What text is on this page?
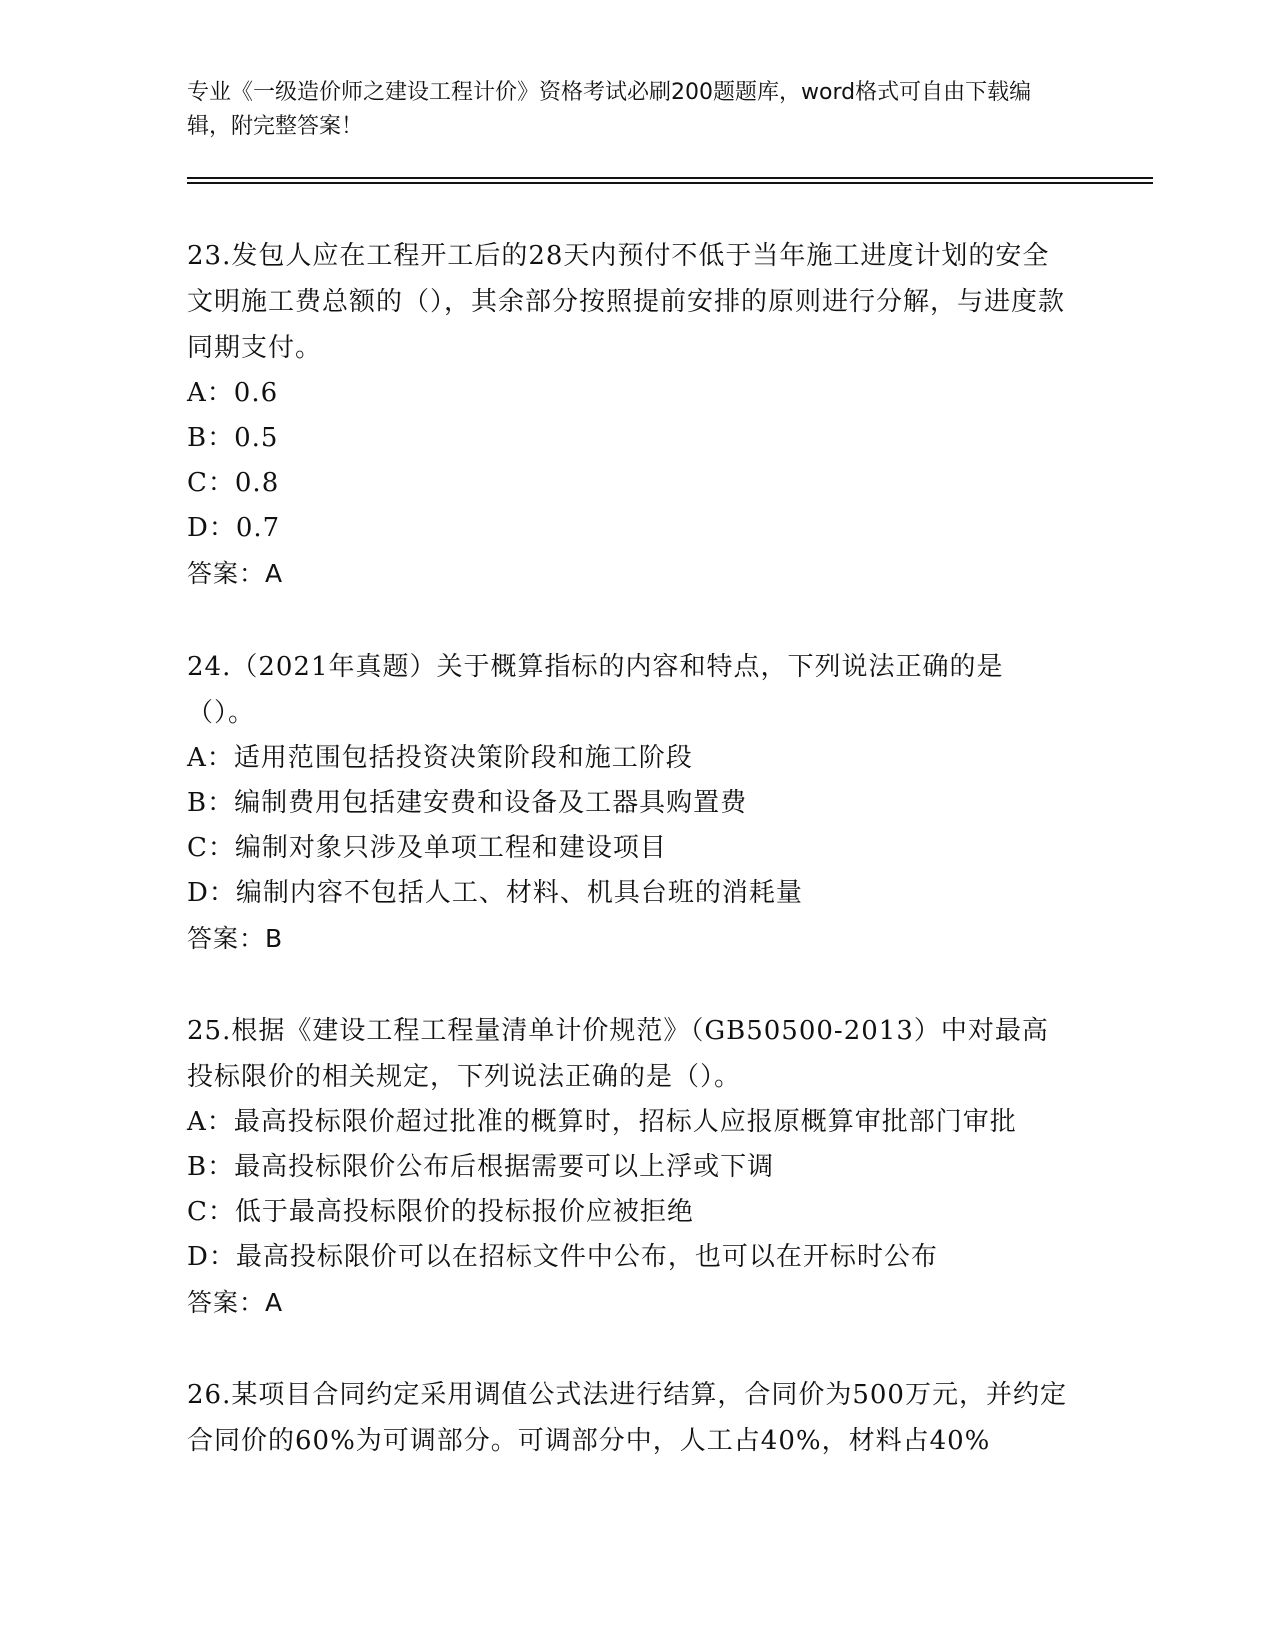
专业《一级造价师之建设工程计价》资格考试必刷200题题库，word格式可自由下载编辑，附完整答案！
23.发包人应在工程开工后的28天内预付不低于当年施工进度计划的安全文明施工费总额的（），其余部分按照提前安排的原则进行分解，与进度款同期支付。
A：0.6
B：0.5
C：0.8
D：0.7
答案：A
24.（2021年真题）关于概算指标的内容和特点，下列说法正确的是（）。
A：适用范围包括投资决策阶段和施工阶段
B：编制费用包括建安费和设备及工器具购置费
C：编制对象只涉及单项工程和建设项目
D：编制内容不包括人工、材料、机具台班的消耗量
答案：B
25.根据《建设工程工程量清单计价规范》（GB50500-2013）中对最高投标限价的相关规定，下列说法正确的是（）。
A：最高投标限价超过批准的概算时，招标人应报原概算审批部门审批
B：最高投标限价公布后根据需要可以上浮或下调
C：低于最高投标限价的投标报价应被拒绝
D：最高投标限价可以在招标文件中公布，也可以在开标时公布
答案：A
26.某项目合同约定采用调值公式法进行结算，合同价为500万元，并约定合同价的60%为可调部分。可调部分中，人工占40%，材料占40%
